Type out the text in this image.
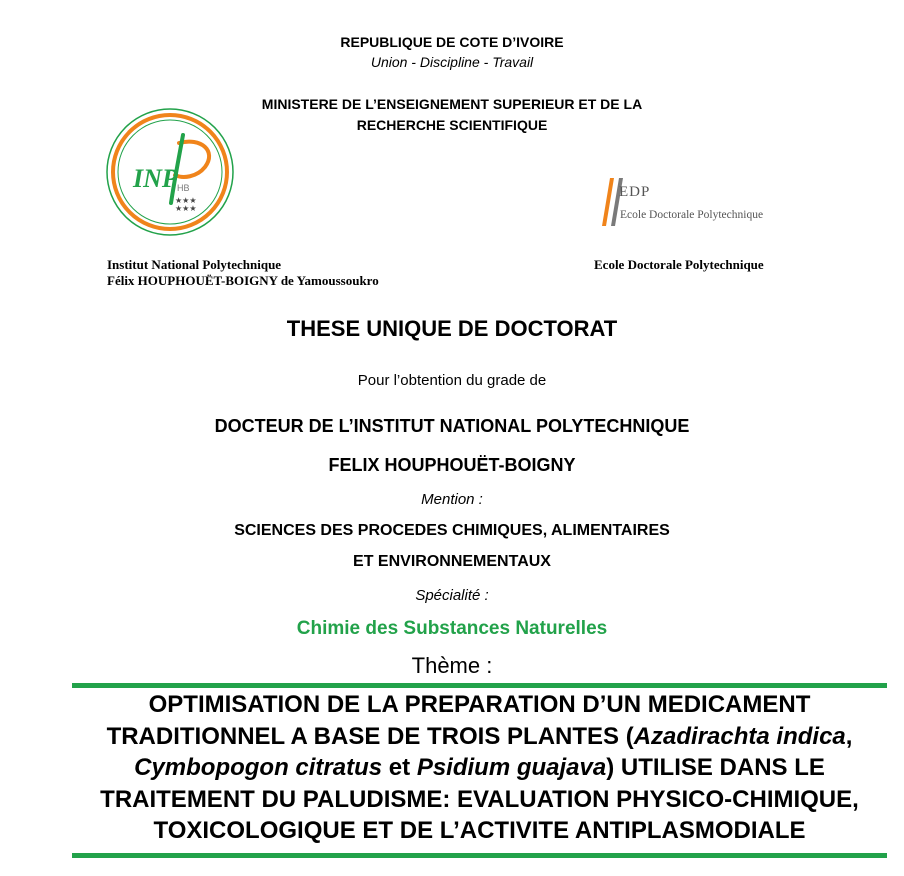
REPUBLIQUE DE COTE D’IVOIRE
Union - Discipline - Travail
MINISTERE DE L’ENSEIGNEMENT SUPERIEUR ET DE LA
RECHERCHE SCIENTIFIQUE
INP HB
★★★
★★★
EDP
Ecole Doctorale Polytechnique
Institut National Polytechnique
Félix HOUPHOUËT-BOIGNY de Yamoussoukro
Ecole Doctorale Polytechnique
THESE UNIQUE DE DOCTORAT
Pour l’obtention du grade de
DOCTEUR DE L’INSTITUT NATIONAL POLYTECHNIQUE
FELIX HOUPHOUËT-BOIGNY
Mention :
SCIENCES DES PROCEDES CHIMIQUES, ALIMENTAIRES
ET ENVIRONNEMENTAUX
Spécialité :
Chimie des Substances Naturelles
Thème :
OPTIMISATION DE LA PREPARATION D’UN MEDICAMENT TRADITIONNEL A BASE DE TROIS PLANTES (Azadirachta indica, Cymbopogon citratus et Psidium guajava) UTILISE DANS LE TRAITEMENT DU PALUDISME: EVALUATION PHYSICO-CHIMIQUE, TOXICOLOGIQUE ET DE L’ACTIVITE ANTIPLASMODIALE
